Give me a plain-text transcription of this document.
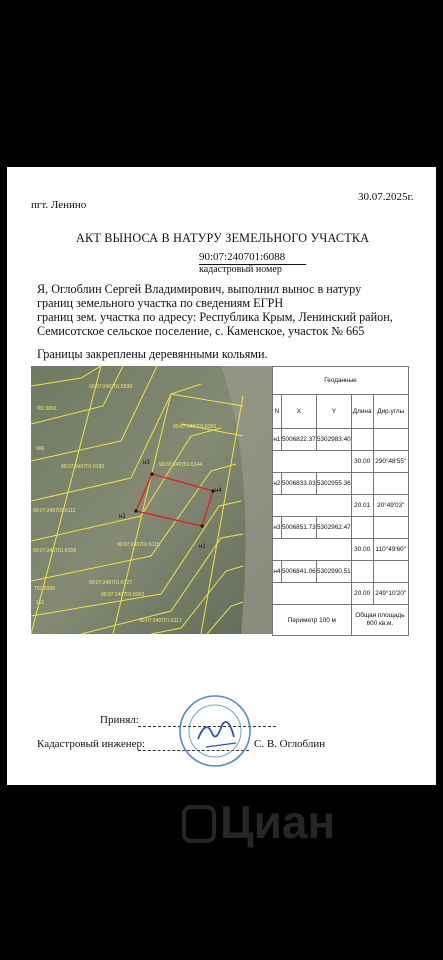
пгт. Ленино
30.07.2025г.
АКТ ВЫНОСА В НАТУРУ ЗЕМЕЛЬНОГО УЧАСТКА
90:07:240701:6088
кадастровый номер
Я, Оглоблин Сергей Владимирович, выполнил вынос в натуру
границ земельного участка по сведениям ЕГРН
границ зем. участка по адресу: Республика Крым, Ленинский район,
Семисотское сельское поселение, с. Каменское, участок № 665
Границы закреплены деревянными кольями.
90:07:240701:5930
90:07:240701:6200
90:07:240701:6144
90:07:240701:6190
90:07:240701:6111
90:07:240701:6115
90:07:240701:6158
90:07:240701:6127
90:07:240701:6093
90:07:240701:6117
701:6091
166
701:6099
151
н3
н4
н1
н2
Геоданные				
N	X	Y	Длина	Дир.углы
н1	5006822.37	5302983.40		
			30.00	290°48'55"
н2	5006833.03	5302955.36		
			20.01	20°49'03"
н3	5006851.73	5302962.47		
			30.00	110°49'60"
н4	5006841.06	5302990.51		
			20.00	249°10'20"
Периметр 100 м			Общая площадь 600 кв.м.	
Принял:
Кадастровый инженер:	С. В. Оглоблин
Циан
